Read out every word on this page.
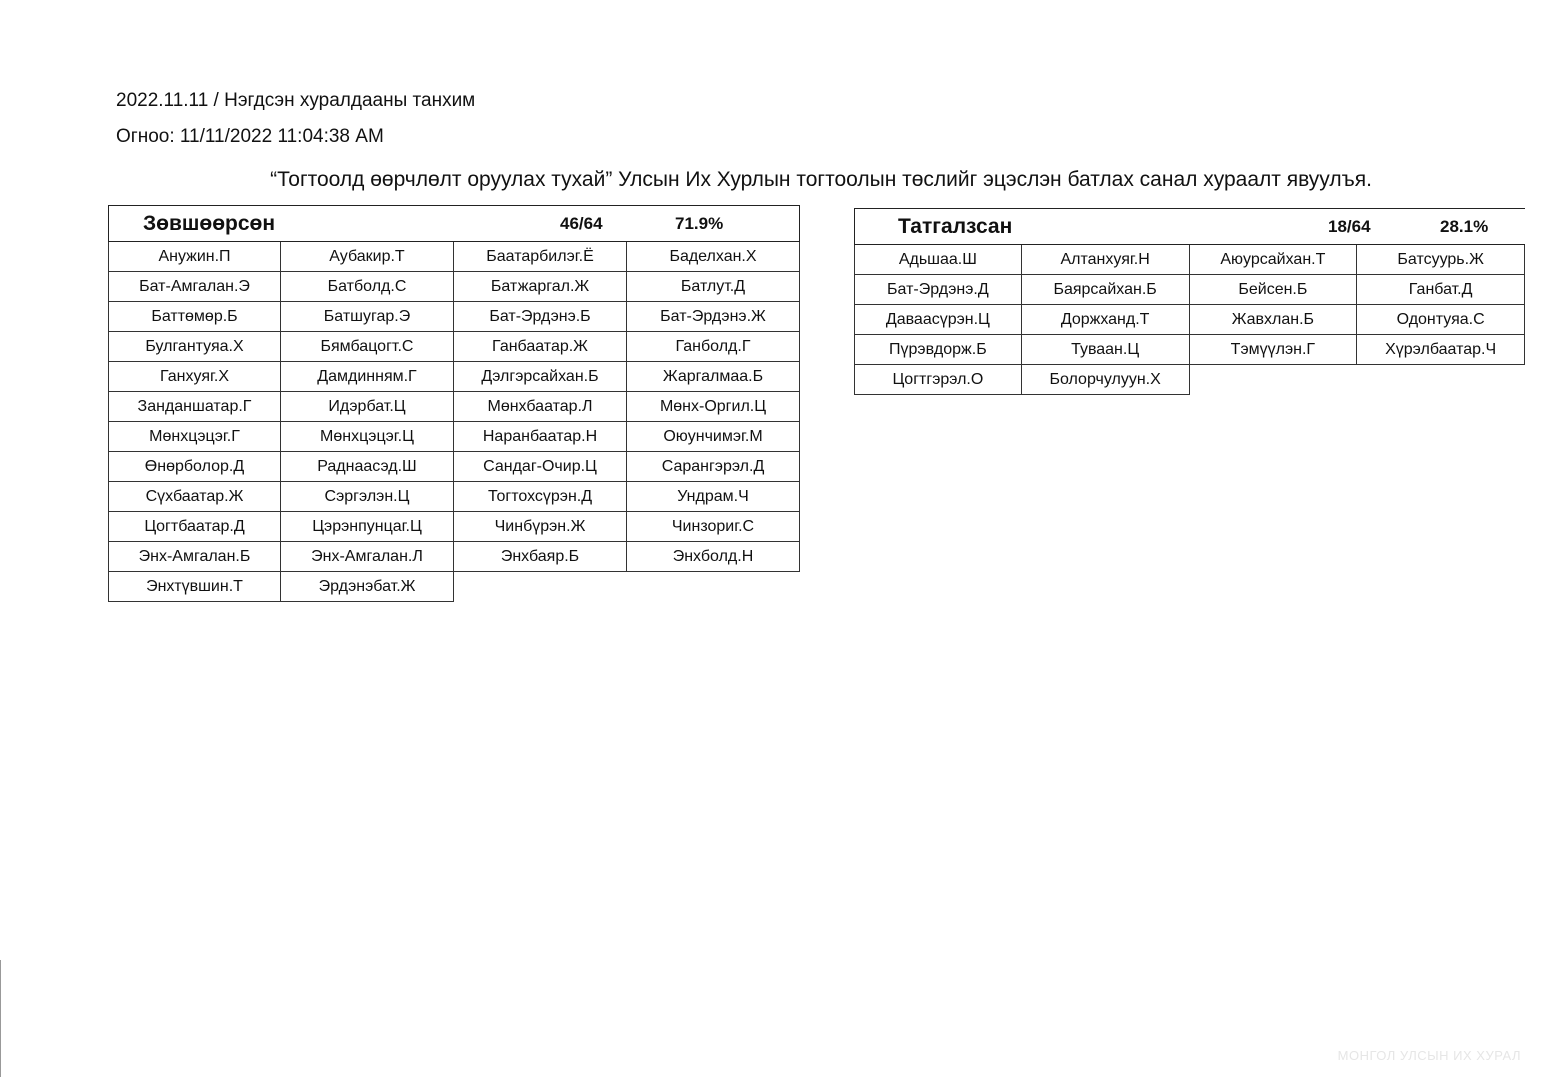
2022.11.11 / Нэгдсэн хуралдааны танхим
Огноо: 11/11/2022 11:04:38 AM
“Тогтоолд өөрчлөлт оруулах тухай” Улсын Их Хурлын тогтоолын төслийг эцэслэн батлах санал хураалт явуулъя.
Зөвшөөрсөн	46/64	71.9%
Анужин.П	Аубакир.Т	Баатарбилэг.Ё	Баделхан.Х
Бат-Амгалан.Э	Батболд.С	Батжаргал.Ж	Батлут.Д
Баттөмөр.Б	Батшугар.Э	Бат-Эрдэнэ.Б	Бат-Эрдэнэ.Ж
Булгантуяа.Х	Бямбацогт.С	Ганбаатар.Ж	Ганболд.Г
Ганхуяг.Х	Дамдинням.Г	Дэлгэрсайхан.Б	Жаргалмаа.Б
Занданшатар.Г	Идэрбат.Ц	Мөнхбаатар.Л	Мөнх-Оргил.Ц
Мөнхцэцэг.Г	Мөнхцэцэг.Ц	Наранбаатар.Н	Оюунчимэг.М
Өнөрболор.Д	Раднаасэд.Ш	Сандаг-Очир.Ц	Сарангэрэл.Д
Сүхбаатар.Ж	Сэргэлэн.Ц	Тогтохсүрэн.Д	Ундрам.Ч
Цогтбаатар.Д	Цэрэнпунцаг.Ц	Чинбүрэн.Ж	Чинзориг.С
Энх-Амгалан.Б	Энх-Амгалан.Л	Энхбаяр.Б	Энхболд.Н
Энхтүвшин.Т	Эрдэнэбат.Ж
Татгалзсан	18/64	28.1%
Адьшаа.Ш	Алтанхуяг.Н	Аюурсайхан.Т	Батсуурь.Ж
Бат-Эрдэнэ.Д	Баярсайхан.Б	Бейсен.Б	Ганбат.Д
Даваасүрэн.Ц	Доржханд.Т	Жавхлан.Б	Одонтуяа.С
Пүрэвдорж.Б	Туваан.Ц	Тэмүүлэн.Г	Хүрэлбаатар.Ч
Цогтгэрэл.О	Болорчулуун.Х
МОНГОЛ УЛСЫН ИХ ХУРАЛ
